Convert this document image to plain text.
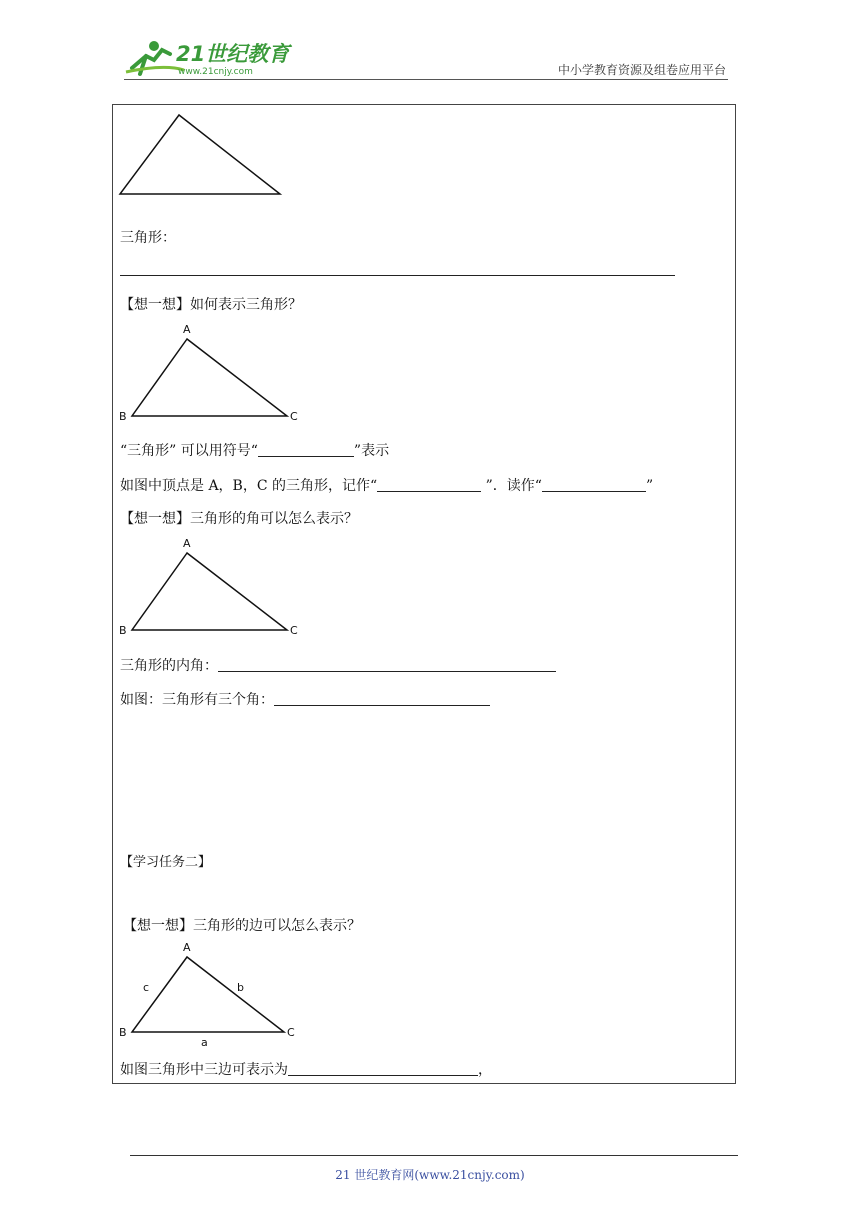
21世纪教育
www.21cnjy.com	中小学教育资源及组卷应用平台
三角形：
【想一想】如何表示三角形？
A
B	C
“三角形” 可以用符号“	”表示
如图中顶点是 A，B，C 的三角形，记作“	”．读作“	”
【想一想】三角形的角可以怎么表示？
A
B	C
三角形的内角：
如图：三角形有三个角：
【学习任务二】
【想一想】三角形的边可以怎么表示？
A
B	C
c	b
a
如图三角形中三边可表示为	，
21 世纪教育网(www.21cnjy.com)
